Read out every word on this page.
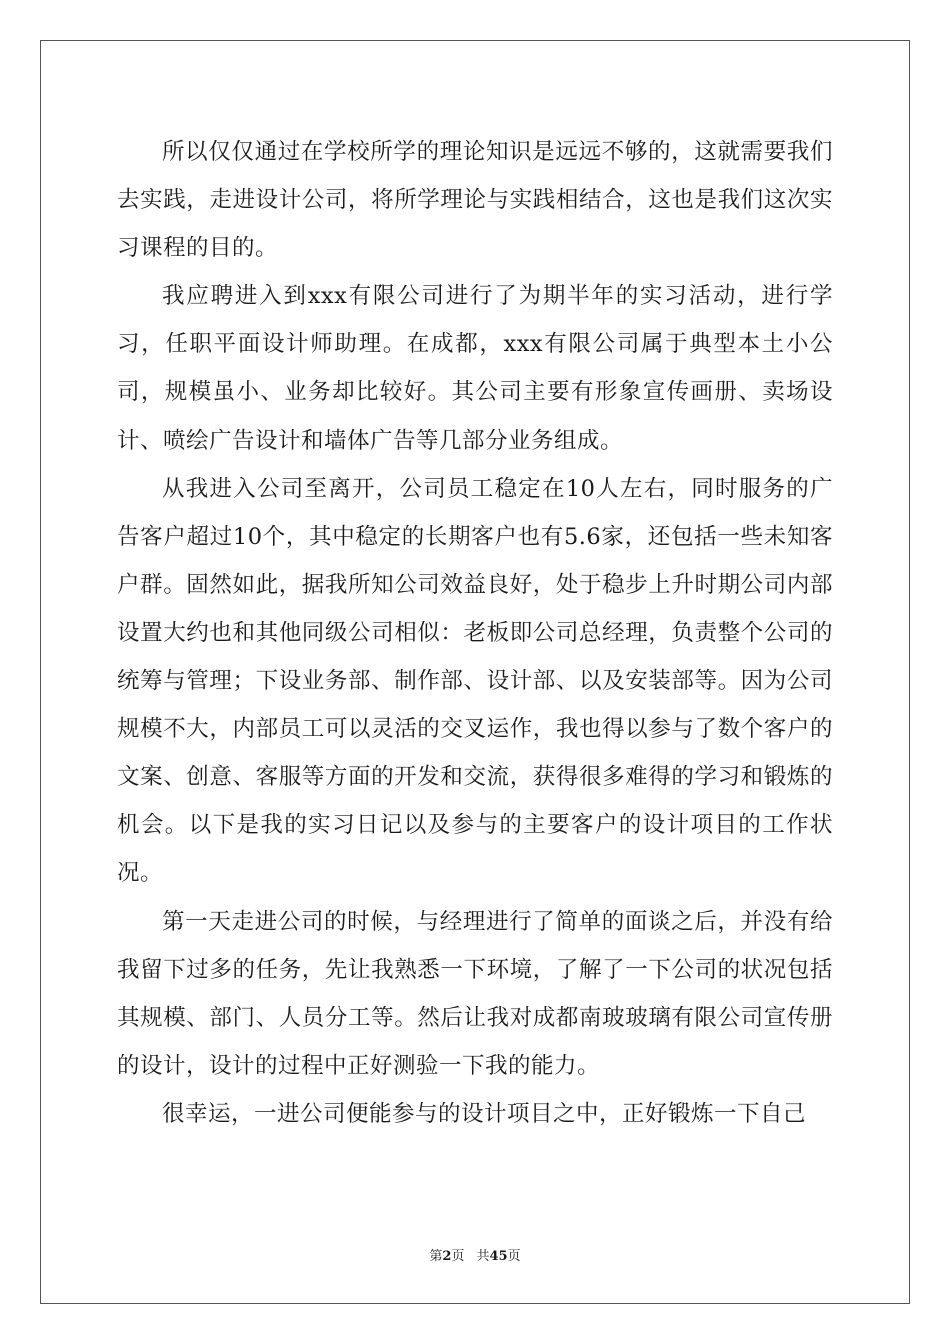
所以仅仅通过在学校所学的理论知识是远远不够的，这就需要我们去实践，走进设计公司，将所学理论与实践相结合，这也是我们这次实习课程的目的。

我应聘进入到xxx有限公司进行了为期半年的实习活动，进行学习，任职平面设计师助理。在成都，xxx有限公司属于典型本土小公司，规模虽小、业务却比较好。其公司主要有形象宣传画册、卖场设计、喷绘广告设计和墙体广告等几部分业务组成。

从我进入公司至离开，公司员工稳定在10人左右，同时服务的广告客户超过10个，其中稳定的长期客户也有5.6家，还包括一些未知客户群。固然如此，据我所知公司效益良好，处于稳步上升时期公司内部设置大约也和其他同级公司相似：老板即公司总经理，负责整个公司的统筹与管理；下设业务部、制作部、设计部、以及安装部等。因为公司规模不大，内部员工可以灵活的交叉运作，我也得以参与了数个客户的文案、创意、客服等方面的开发和交流，获得很多难得的学习和锻炼的机会。以下是我的实习日记以及参与的主要客户的设计项目的工作状况。

第一天走进公司的时候，与经理进行了简单的面谈之后，并没有给我留下过多的任务，先让我熟悉一下环境，了解了一下公司的状况包括其规模、部门、人员分工等。然后让我对成都南玻玻璃有限公司宣传册的设计，设计的过程中正好测验一下我的能力。

很幸运，一进公司便能参与的设计项目之中，正好锻炼一下自己

第2页 共45页
